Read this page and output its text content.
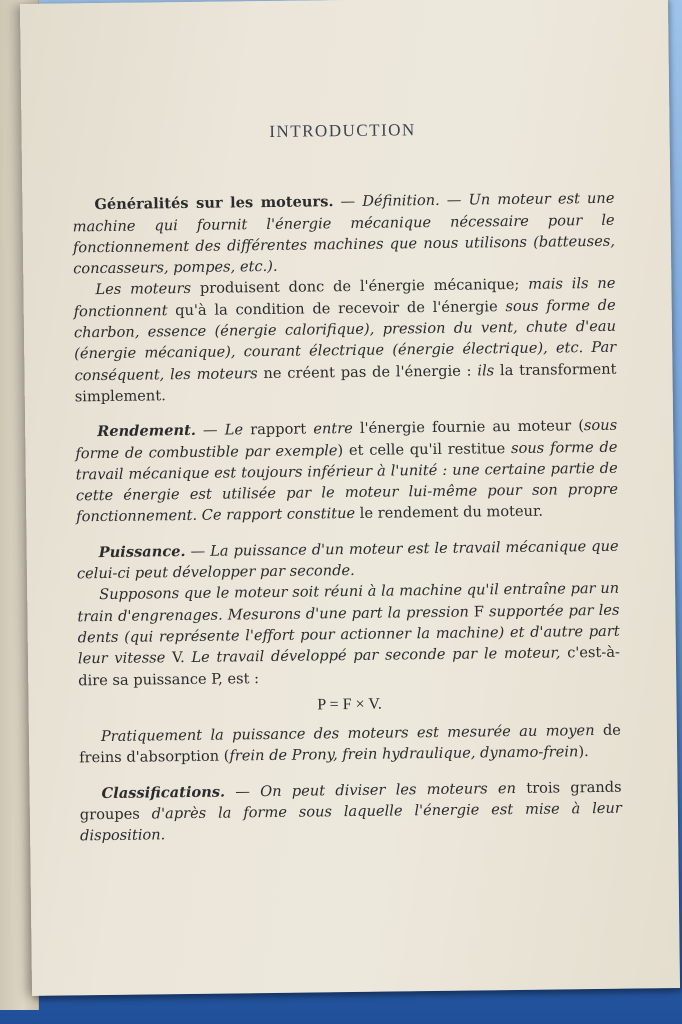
INTRODUCTION

Généralités sur les moteurs. — Définition. — Un moteur est une machine qui fournit l'énergie mécanique nécessaire pour le fonctionnement des différentes machines que nous utilisons (batteuses, concasseurs, pompes, etc.).

Les moteurs produisent donc de l'énergie mécanique; mais ils ne fonctionnent qu'à la condition de recevoir de l'énergie sous forme de charbon, essence (énergie calorifique), pression du vent, chute d'eau (énergie mécanique), courant électrique (énergie électrique), etc. Par conséquent, les moteurs ne créent pas de l'énergie : ils la transforment simplement.

Rendement. — Le rapport entre l'énergie fournie au moteur (sous forme de combustible par exemple) et celle qu'il restitue sous forme de travail mécanique est toujours inférieur à l'unité : une certaine partie de cette énergie est utilisée par le moteur lui-même pour son propre fonctionnement. Ce rapport constitue le rendement du moteur.

Puissance. — La puissance d'un moteur est le travail mécanique que celui-ci peut développer par seconde.

Supposons que le moteur soit réuni à la machine qu'il entraîne par un train d'engrenages. Mesurons d'une part la pression F supportée par les dents (qui représente l'effort pour actionner la machine) et d'autre part leur vitesse V. Le travail développé par seconde par le moteur, c'est-à-dire sa puissance P, est :

P = F × V.

Pratiquement la puissance des moteurs est mesurée au moyen de freins d'absorption (frein de Prony, frein hydraulique, dynamo-frein).

Classifications. — On peut diviser les moteurs en trois grands groupes d'après la forme sous laquelle l'énergie est mise à leur disposition.
